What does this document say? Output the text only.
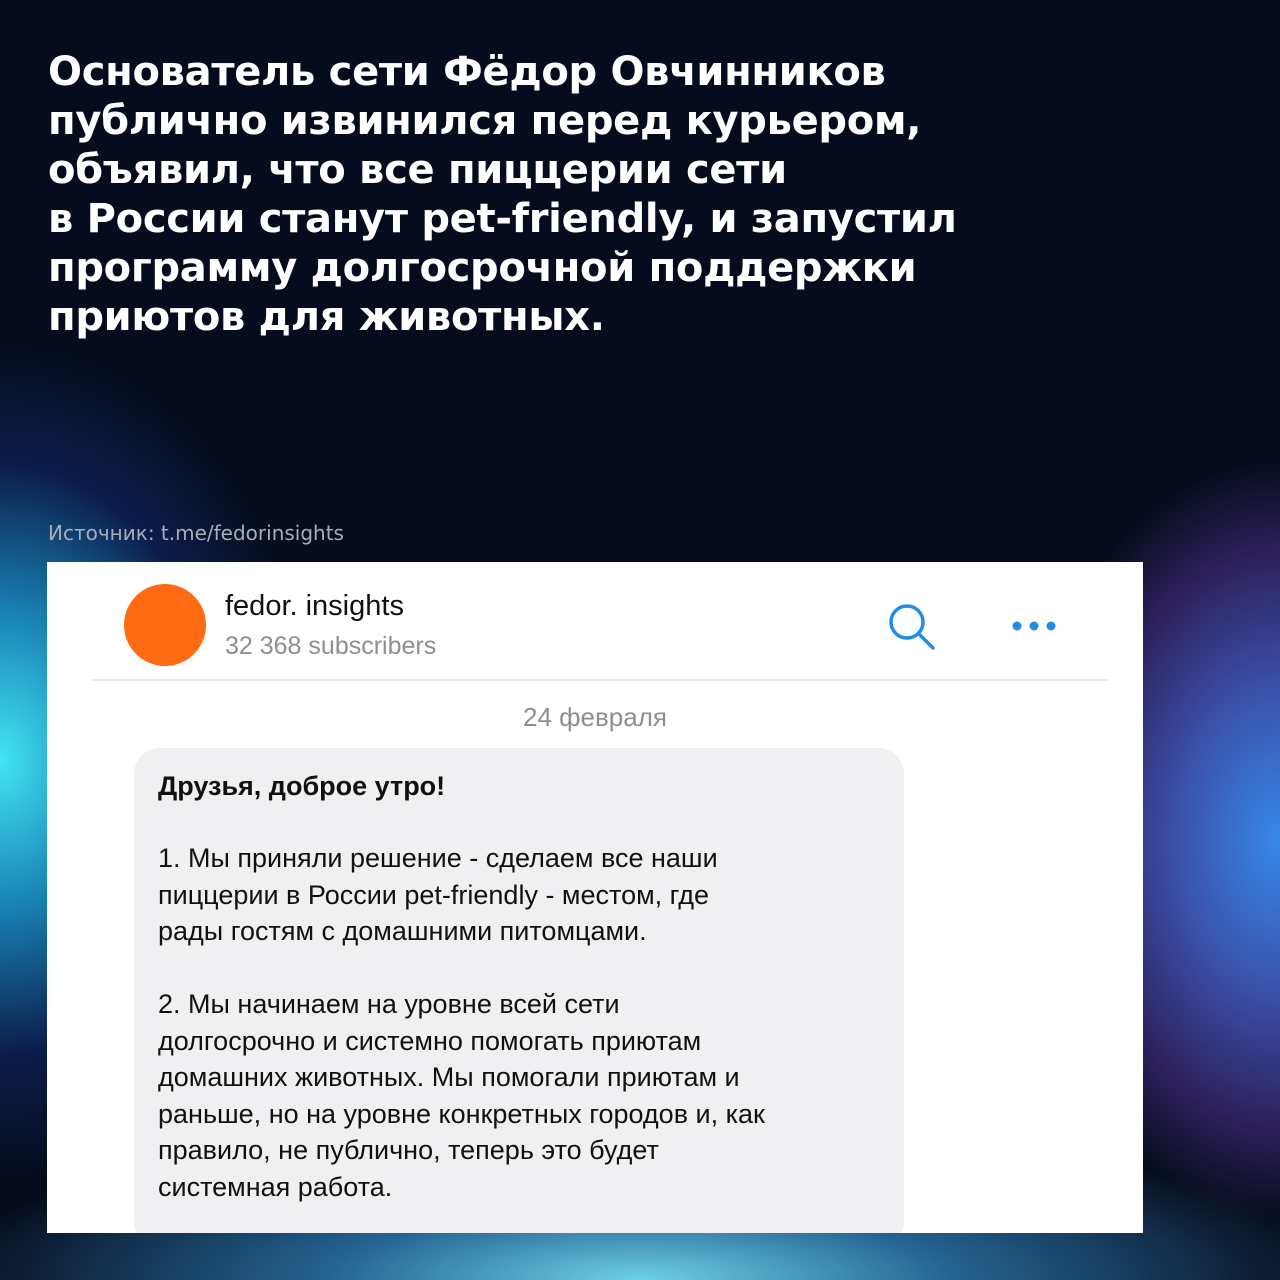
Основатель сети Фёдор Овчинников
публично извинился перед курьером,
объявил, что все пиццерии сети
в России станут pet-friendly, и запустил
программу долгосрочной поддержки
приютов для животных.
Источник: t.me/fedorinsights
fedor. insights
32 368 subscribers
24 февраля
Друзья, доброе утро!
1. Мы приняли решение - сделаем все наши
пиццерии в России pet-friendly - местом, где
рады гостям с домашними питомцами.
2. Мы начинаем на уровне всей сети
долгосрочно и системно помогать приютам
домашних животных. Мы помогали приютам и
раньше, но на уровне конкретных городов и, как
правило, не публично, теперь это будет
системная работа.
